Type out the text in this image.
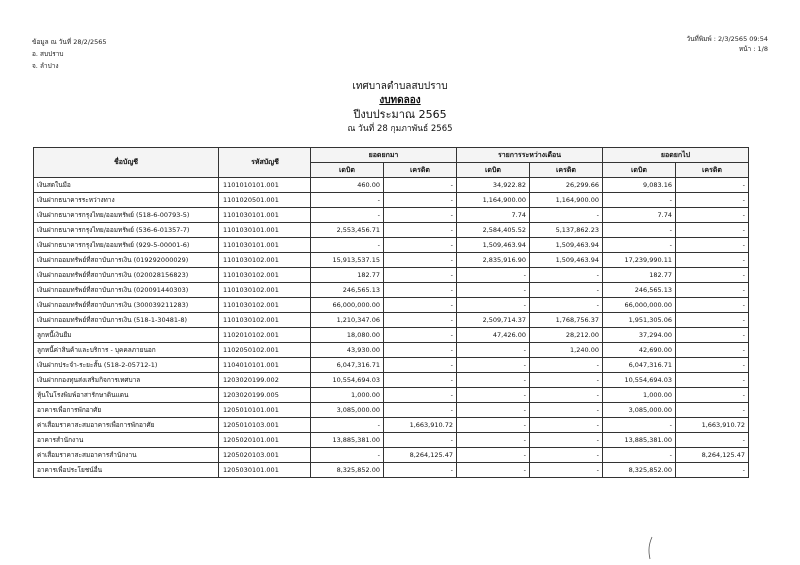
ข้อมูล ณ วันที่ 28/2/2565
อ. สบปราบ
จ. ลำปาง
วันที่พิมพ์ : 2/3/2565 09:54
หน้า : 1/8
เทศบาลตำบลสบปราบ
งบทดลอง
ปีงบประมาณ 2565
ณ วันที่ 28 กุมภาพันธ์ 2565
ชื่อบัญชี	รหัสบัญชี	ยอดยกมา		รายการระหว่างเดือน		ยอดยกไป	
		เดบิต	เครดิต	เดบิต	เครดิต	เดบิต	เครดิต
เงินสดในมือ	1101010101.001	460.00	-	34,922.82	26,299.66	9,083.16	-
เงินฝากธนาคารระหว่างทาง	1101020501.001	-	-	1,164,900.00	1,164,900.00	-	-
เงินฝากธนาคารกรุงไทย/ออมทรัพย์ (518-6-00793-5)	1101030101.001	-	-	7.74	-	7.74	-
เงินฝากธนาคารกรุงไทย/ออมทรัพย์ (536-6-01357-7)	1101030101.001	2,553,456.71	-	2,584,405.52	5,137,862.23	-	-
เงินฝากธนาคารกรุงไทย/ออมทรัพย์ (929-5-00001-6)	1101030101.001	-	-	1,509,463.94	1,509,463.94	-	-
เงินฝากออมทรัพย์ที่สถาบันการเงิน (019292000029)	1101030102.001	15,913,537.15	-	2,835,916.90	1,509,463.94	17,239,990.11	-
เงินฝากออมทรัพย์ที่สถาบันการเงิน (020028156823)	1101030102.001	182.77	-	-	-	182.77	-
เงินฝากออมทรัพย์ที่สถาบันการเงิน (020091440303)	1101030102.001	246,565.13	-	-	-	246,565.13	-
เงินฝากออมทรัพย์ที่สถาบันการเงิน (300039211283)	1101030102.001	66,000,000.00	-	-	-	66,000,000.00	-
เงินฝากออมทรัพย์ที่สถาบันการเงิน (518-1-30481-8)	1101030102.001	1,210,347.06	-	2,509,714.37	1,768,756.37	1,951,305.06	-
ลูกหนี้เงินยืม	1102010102.001	18,080.00	-	47,426.00	28,212.00	37,294.00	-
ลูกหนี้ค่าสินค้าและบริการ - บุคคลภายนอก	1102050102.001	43,930.00	-	-	1,240.00	42,690.00	-
เงินฝากประจำ-ระยะสั้น (518-2-05712-1)	1104010101.001	6,047,316.71	-	-	-	6,047,316.71	-
เงินฝากกองทุนส่งเสริมกิจการเทศบาล	1203020199.002	10,554,694.03	-	-	-	10,554,694.03	-
หุ้นในโรงพิมพ์อาสารักษาดินแดน	1203020199.005	1,000.00	-	-	-	1,000.00	-
อาคารเพื่อการพักอาศัย	1205010101.001	3,085,000.00	-	-	-	3,085,000.00	-
ค่าเสื่อมราคาสะสมอาคารเพื่อการพักอาศัย	1205010103.001	-	1,663,910.72	-	-	-	1,663,910.72
อาคารสำนักงาน	1205020101.001	13,885,381.00	-	-	-	13,885,381.00	-
ค่าเสื่อมราคาสะสมอาคารสำนักงาน	1205020103.001	-	8,264,125.47	-	-	-	8,264,125.47
อาคารเพื่อประโยชน์อื่น	1205030101.001	8,325,852.00	-	-	-	8,325,852.00	-
